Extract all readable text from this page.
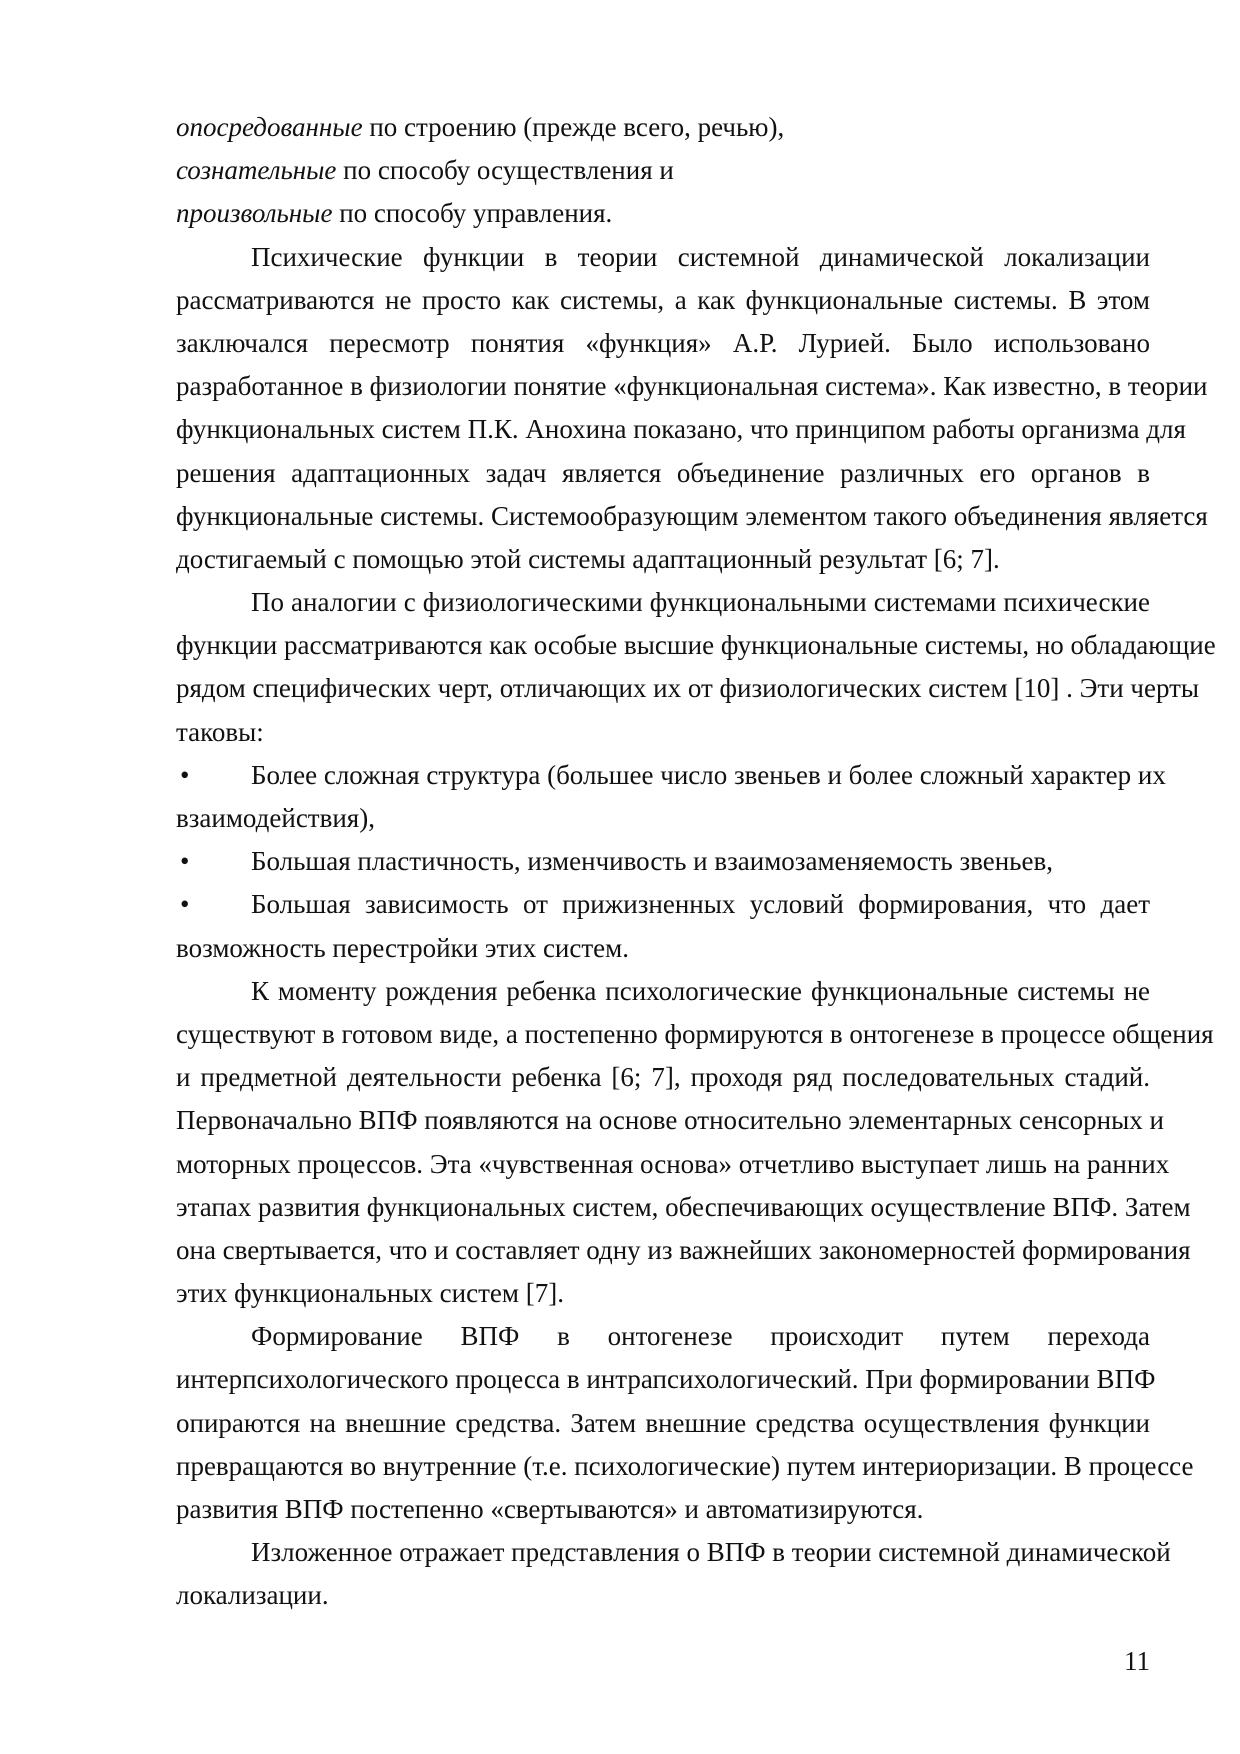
опосредованные по строению (прежде всего, речью),
сознательные по способу осуществления и
произвольные по способу управления.
Психические функции в теории системной динамической локализации
рассматриваются не просто как системы, а как функциональные системы. В этом
заключался пересмотр понятия «функция» А.Р. Лурией. Было использовано
разработанное в физиологии понятие «функциональная система». Как известно, в теории
функциональных систем П.К. Анохина показано, что принципом работы организма для
решения адаптационных задач является объединение различных его органов в
функциональные системы. Системообразующим элементом такого объединения является
достигаемый с помощью этой системы адаптационный результат [6; 7].
По аналогии с физиологическими функциональными системами психические
функции рассматриваются как особые высшие функциональные системы, но обладающие
рядом специфических черт, отличающих их от физиологических систем [10] . Эти черты
таковы:
• Более сложная структура (большее число звеньев и более сложный характер их
взаимодействия),
• Большая пластичность, изменчивость и взаимозаменяемость звеньев,
• Большая зависимость от прижизненных условий формирования, что дает
возможность перестройки этих систем.
К моменту рождения ребенка психологические функциональные системы не
существуют в готовом виде, а постепенно формируются в онтогенезе в процессе общения
и предметной деятельности ребенка [6; 7], проходя ряд последовательных стадий.
Первоначально ВПФ появляются на основе относительно элементарных сенсорных и
моторных процессов. Эта «чувственная основа» отчетливо выступает лишь на ранних
этапах развития функциональных систем, обеспечивающих осуществление ВПФ. Затем
она свертывается, что и составляет одну из важнейших закономерностей формирования
этих функциональных систем [7].
Формирование ВПФ в онтогенезе происходит путем перехода
интерпсихологического процесса в интрапсихологический. При формировании ВПФ
опираются на внешние средства. Затем внешние средства осуществления функции
превращаются во внутренние (т.е. психологические) путем интериоризации. В процессе
развития ВПФ постепенно «свертываются» и автоматизируются.
Изложенное отражает представления о ВПФ в теории системной динамической
локализации.
11
